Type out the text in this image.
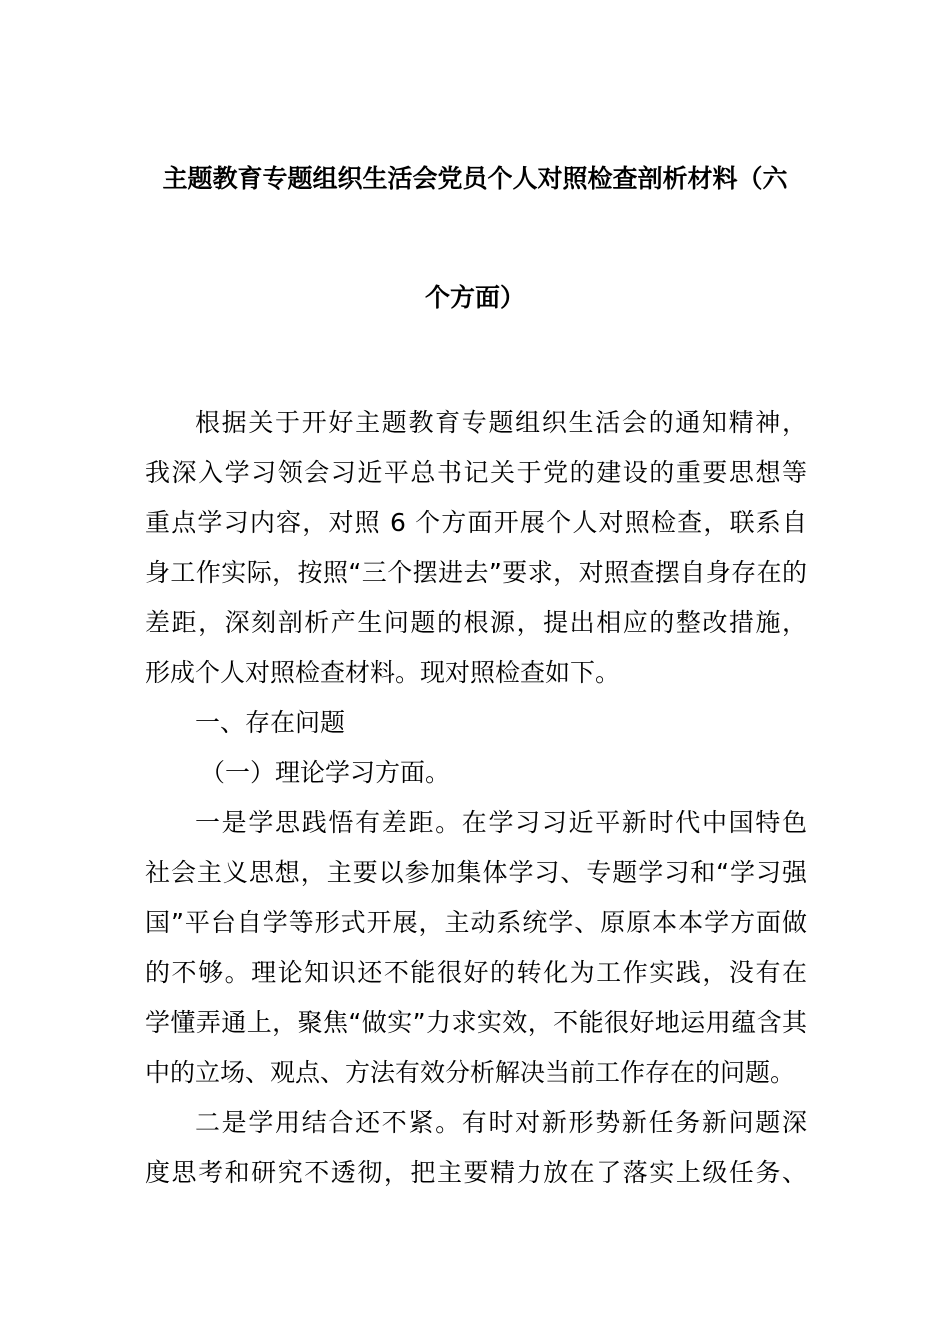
主题教育专题组织生活会党员个人对照检查剖析材料（六
个方面）
根据关于开好主题教育专题组织生活会的通知精神，
我深入学习领会习近平总书记关于党的建设的重要思想等
重点学习内容，对照 6 个方面开展个人对照检查，联系自
身工作实际，按照“三个摆进去”要求，对照查摆自身存在的
差距，深刻剖析产生问题的根源，提出相应的整改措施，
形成个人对照检查材料。现对照检查如下。
一、存在问题
（一）理论学习方面。
一是学思践悟有差距。在学习习近平新时代中国特色
社会主义思想，主要以参加集体学习、专题学习和“学习强
国”平台自学等形式开展，主动系统学、原原本本学方面做
的不够。理论知识还不能很好的转化为工作实践，没有在
学懂弄通上，聚焦“做实”力求实效，不能很好地运用蕴含其
中的立场、观点、方法有效分析解决当前工作存在的问题。
二是学用结合还不紧。有时对新形势新任务新问题深
度思考和研究不透彻，把主要精力放在了落实上级任务、
